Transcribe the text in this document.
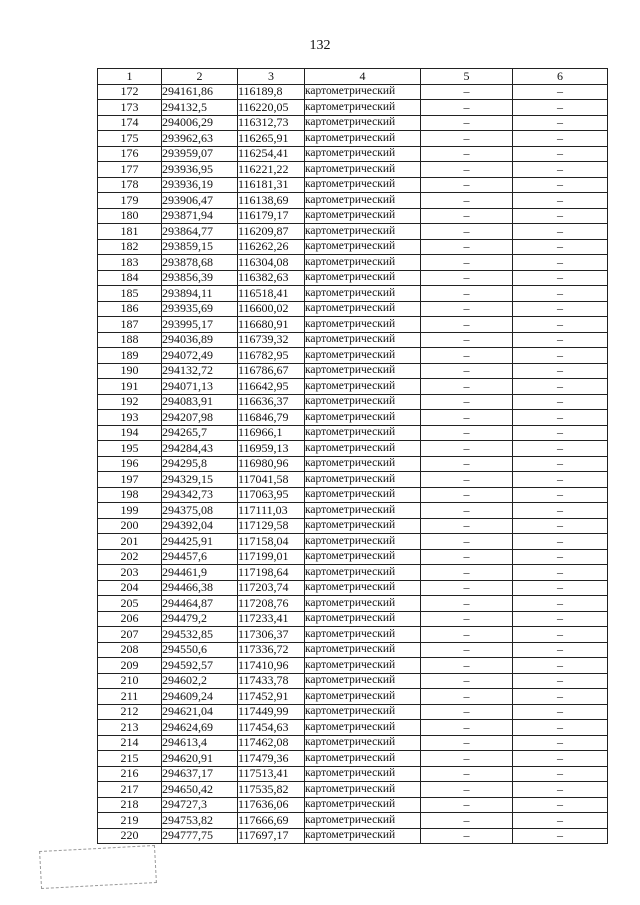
132
1	2	3	4	5	6
172	294161,86	116189,8	картометрический	–	–
173	294132,5	116220,05	картометрический	–	–
174	294006,29	116312,73	картометрический	–	–
175	293962,63	116265,91	картометрический	–	–
176	293959,07	116254,41	картометрический	–	–
177	293936,95	116221,22	картометрический	–	–
178	293936,19	116181,31	картометрический	–	–
179	293906,47	116138,69	картометрический	–	–
180	293871,94	116179,17	картометрический	–	–
181	293864,77	116209,87	картометрический	–	–
182	293859,15	116262,26	картометрический	–	–
183	293878,68	116304,08	картометрический	–	–
184	293856,39	116382,63	картометрический	–	–
185	293894,11	116518,41	картометрический	–	–
186	293935,69	116600,02	картометрический	–	–
187	293995,17	116680,91	картометрический	–	–
188	294036,89	116739,32	картометрический	–	–
189	294072,49	116782,95	картометрический	–	–
190	294132,72	116786,67	картометрический	–	–
191	294071,13	116642,95	картометрический	–	–
192	294083,91	116636,37	картометрический	–	–
193	294207,98	116846,79	картометрический	–	–
194	294265,7	116966,1	картометрический	–	–
195	294284,43	116959,13	картометрический	–	–
196	294295,8	116980,96	картометрический	–	–
197	294329,15	117041,58	картометрический	–	–
198	294342,73	117063,95	картометрический	–	–
199	294375,08	117111,03	картометрический	–	–
200	294392,04	117129,58	картометрический	–	–
201	294425,91	117158,04	картометрический	–	–
202	294457,6	117199,01	картометрический	–	–
203	294461,9	117198,64	картометрический	–	–
204	294466,38	117203,74	картометрический	–	–
205	294464,87	117208,76	картометрический	–	–
206	294479,2	117233,41	картометрический	–	–
207	294532,85	117306,37	картометрический	–	–
208	294550,6	117336,72	картометрический	–	–
209	294592,57	117410,96	картометрический	–	–
210	294602,2	117433,78	картометрический	–	–
211	294609,24	117452,91	картометрический	–	–
212	294621,04	117449,99	картометрический	–	–
213	294624,69	117454,63	картометрический	–	–
214	294613,4	117462,08	картометрический	–	–
215	294620,91	117479,36	картометрический	–	–
216	294637,17	117513,41	картометрический	–	–
217	294650,42	117535,82	картометрический	–	–
218	294727,3	117636,06	картометрический	–	–
219	294753,82	117666,69	картометрический	–	–
220	294777,75	117697,17	картометрический	–	–
